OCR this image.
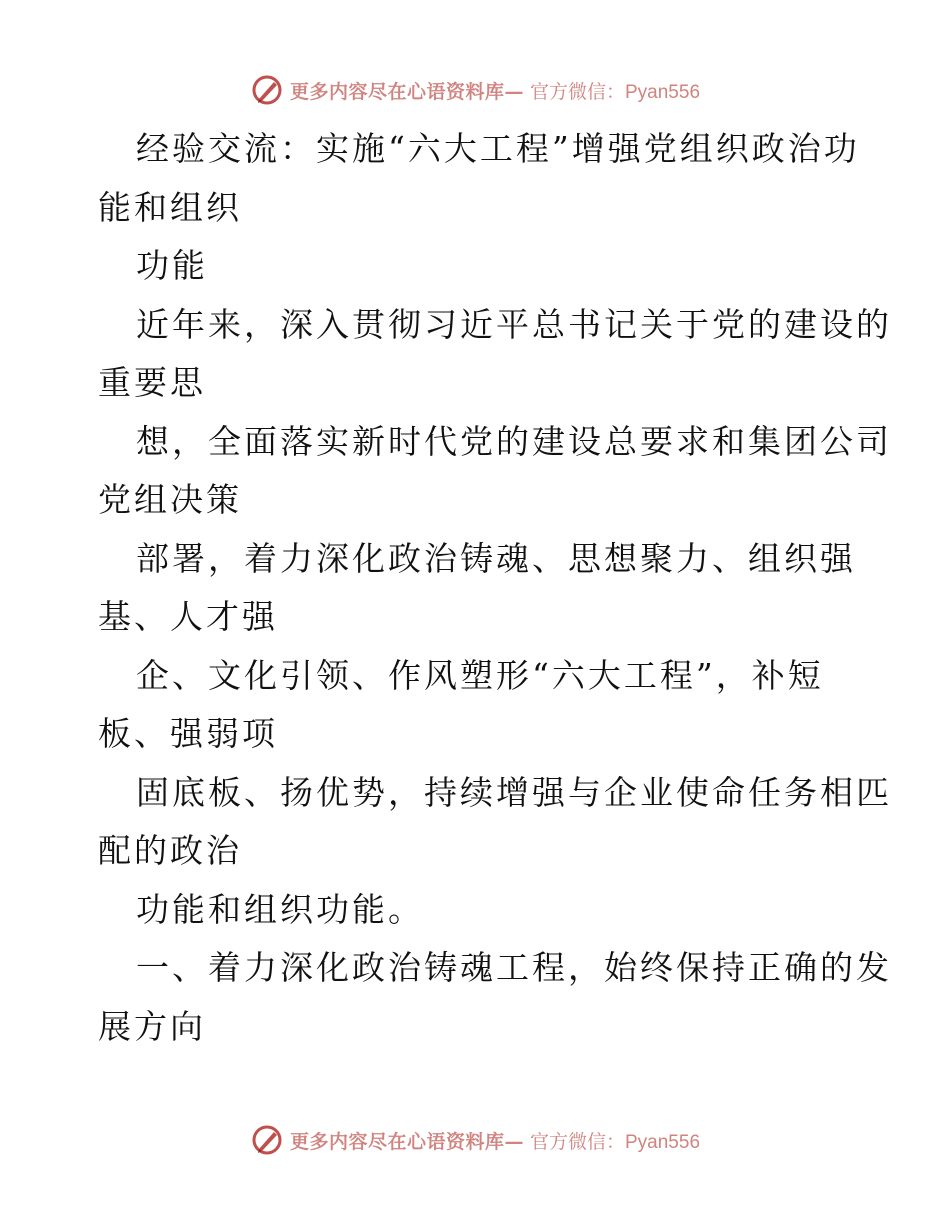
更多内容尽在心语资料库— 官方微信：Pyan556
经验交流：实施“六大工程”增强党组织政治功
能和组织
功能
近年来，深入贯彻习近平总书记关于党的建设的
重要思
想，全面落实新时代党的建设总要求和集团公司
党组决策
部署，着力深化政治铸魂、思想聚力、组织强
基、人才强
企、文化引领、作风塑形“六大工程”，补短
板、强弱项
固底板、扬优势，持续增强与企业使命任务相匹
配的政治
功能和组织功能。
一、着力深化政治铸魂工程，始终保持正确的发
展方向
更多内容尽在心语资料库— 官方微信：Pyan556
